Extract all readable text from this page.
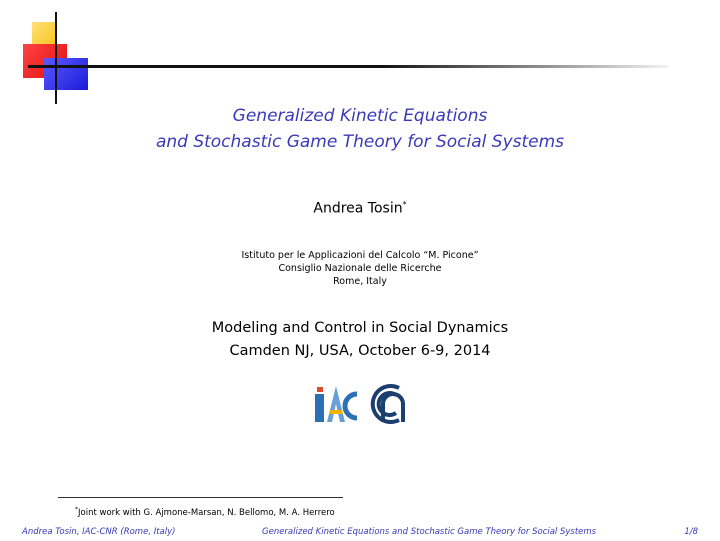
Generalized Kinetic Equations
and Stochastic Game Theory for Social Systems
Andrea Tosin*
Istituto per le Applicazioni del Calcolo “M. Picone”
Consiglio Nazionale delle Ricerche
Rome, Italy
Modeling and Control in Social Dynamics
Camden NJ, USA, October 6-9, 2014
*Joint work with G. Ajmone-Marsan, N. Bellomo, M. A. Herrero
Andrea Tosin, IAC-CNR (Rome, Italy)	Generalized Kinetic Equations and Stochastic Game Theory for Social Systems	1/8
